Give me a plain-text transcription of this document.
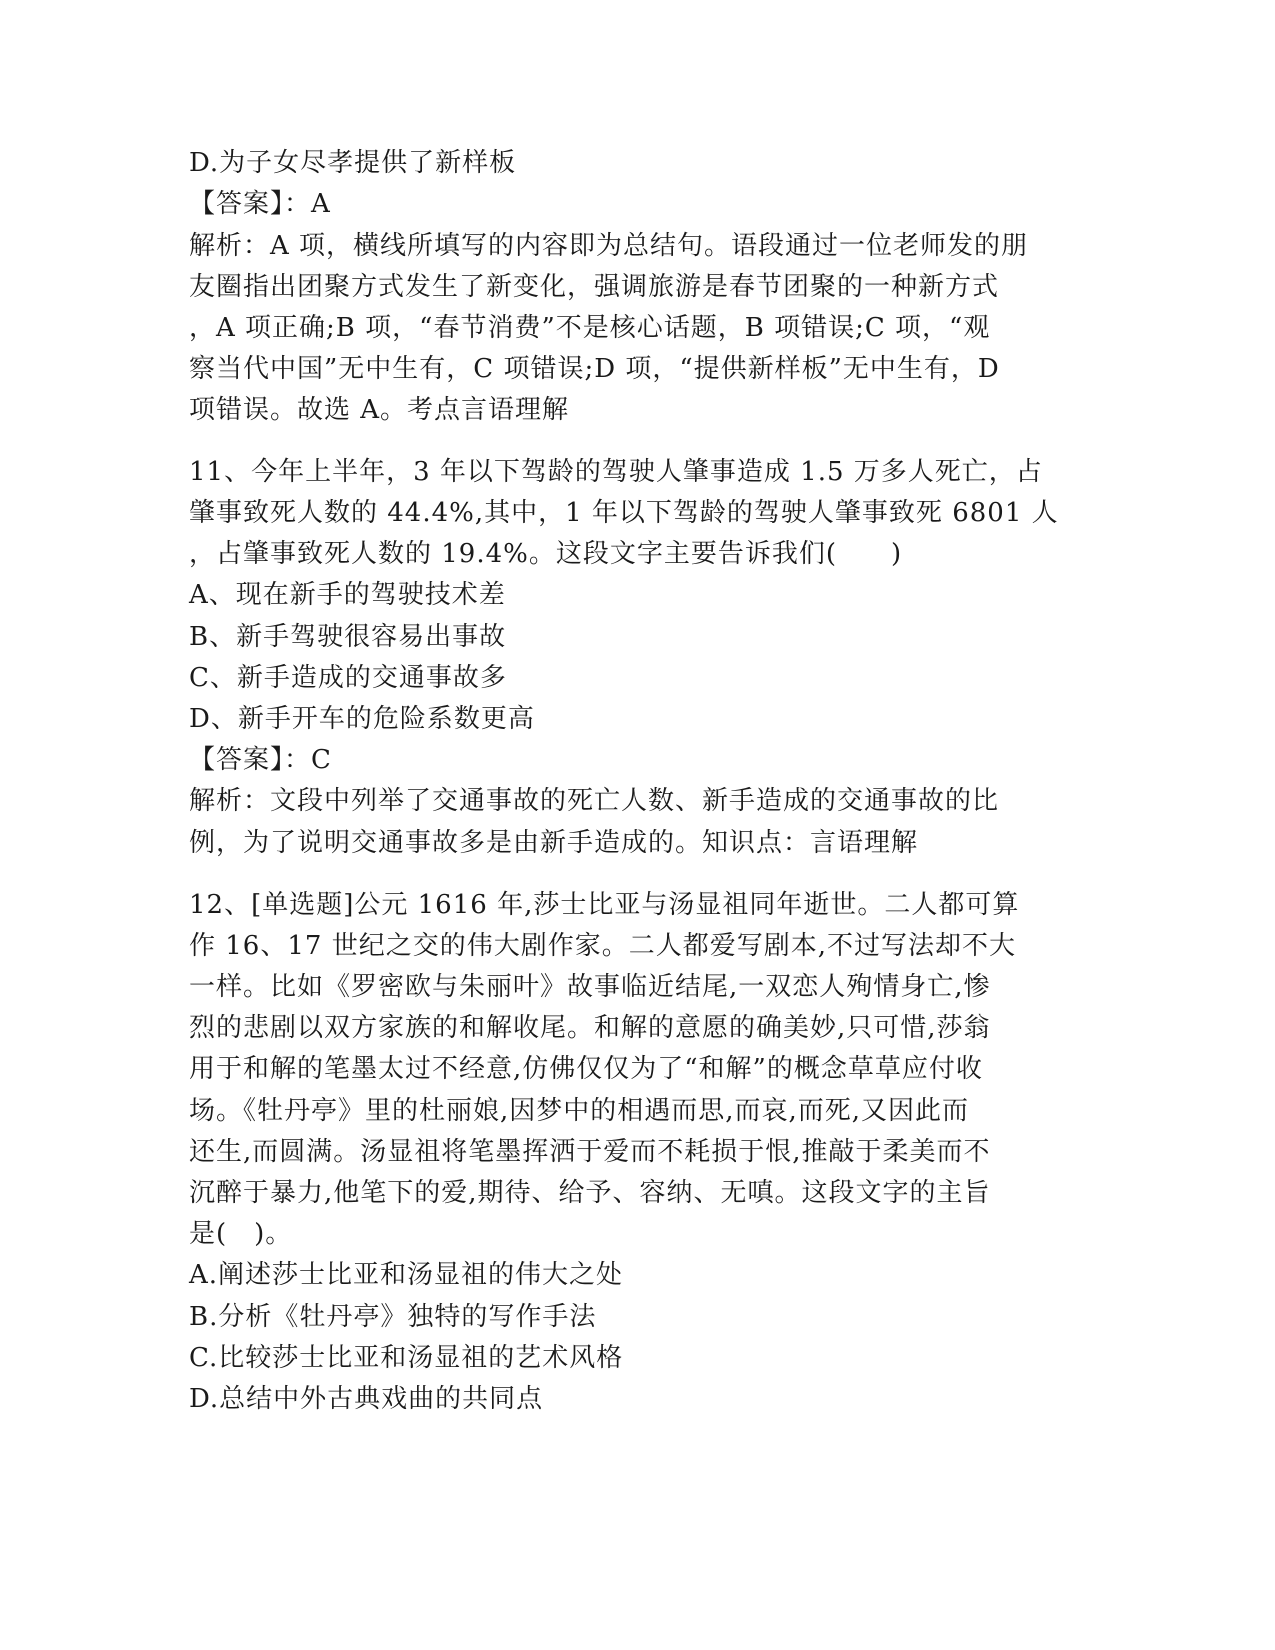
D.为子女尽孝提供了新样板

【答案】：A

解析：A 项，横线所填写的内容即为总结句。语段通过一位老师发的朋

友圈指出团聚方式发生了新变化，强调旅游是春节团聚的一种新方式

，A 项正确;B 项，“春节消费”不是核心话题，B 项错误;C 项，“观

察当代中国”无中生有，C 项错误;D 项，“提供新样板”无中生有，D

项错误。故选 A。考点言语理解

11、今年上半年，3 年以下驾龄的驾驶人肇事造成 1.5 万多人死亡，占

肇事致死人数的 44.4%,其中，1 年以下驾龄的驾驶人肇事致死 6801 人

，占肇事致死人数的 19.4%。这段文字主要告诉我们(　　)

A、现在新手的驾驶技术差

B、新手驾驶很容易出事故

C、新手造成的交通事故多

D、新手开车的危险系数更高

【答案】：C

解析：文段中列举了交通事故的死亡人数、新手造成的交通事故的比

例，为了说明交通事故多是由新手造成的。知识点：言语理解

12、[单选题]公元 1616 年,莎士比亚与汤显祖同年逝世。二人都可算

作 16、17 世纪之交的伟大剧作家。二人都爱写剧本,不过写法却不大

一样。比如《罗密欧与朱丽叶》故事临近结尾,一双恋人殉情身亡,惨

烈的悲剧以双方家族的和解收尾。和解的意愿的确美妙,只可惜,莎翁

用于和解的笔墨太过不经意,仿佛仅仅为了“和解”的概念草草应付收

场。《牡丹亭》里的杜丽娘,因梦中的相遇而思,而哀,而死,又因此而

还生,而圆满。汤显祖将笔墨挥洒于爱而不耗损于恨,推敲于柔美而不

沉醉于暴力,他笔下的爱,期待、给予、容纳、无嗔。这段文字的主旨

是(　)。

A.阐述莎士比亚和汤显祖的伟大之处

B.分析《牡丹亭》独特的写作手法

C.比较莎士比亚和汤显祖的艺术风格

D.总结中外古典戏曲的共同点
